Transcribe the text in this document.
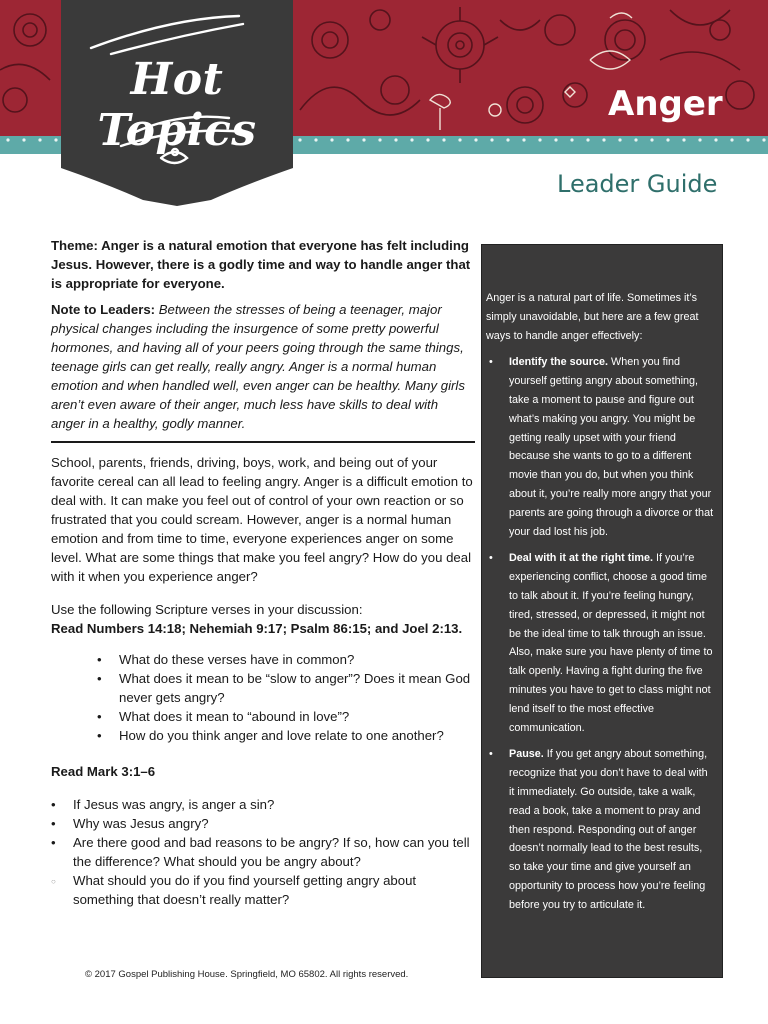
Hot Topics
Anger
Leader Guide

Theme: Anger is a natural emotion that everyone has felt including Jesus. However, there is a godly time and way to handle anger that is appropriate for everyone.

Note to Leaders: Between the stresses of being a teenager, major physical changes including the insurgence of some pretty powerful hormones, and having all of your peers going through the same things, teenage girls can get really, really angry. Anger is a normal human emotion and when handled well, even anger can be healthy. Many girls aren’t even aware of their anger, much less have skills to deal with anger in a healthy, godly manner.

School, parents, friends, driving, boys, work, and being out of your favorite cereal can all lead to feeling angry. Anger is a difficult emotion to deal with. It can make you feel out of control of your own reaction or so frustrated that you could scream. However, anger is a normal human emotion and from time to time, everyone experiences anger on some level. What are some things that make you feel angry? How do you deal with it when you experience anger?

Use the following Scripture verses in your discussion:

Read Numbers 14:18; Nehemiah 9:17; Psalm 86:15; and Joel 2:13.

• What do these verses have in common?
• What does it mean to be “slow to anger”? Does it mean God never gets angry?
• What does it mean to “abound in love”?
• How do you think anger and love relate to one another?

Read Mark 3:1–6

• If Jesus was angry, is anger a sin?
• Why was Jesus angry?
• Are there good and bad reasons to be angry? If so, how can you tell the difference? What should you be angry about?
○ What should you do if you find yourself getting angry about something that doesn’t really matter?
© 2017 Gospel Publishing House. Springfield, MO 65802. All rights reserved.

Anger is a natural part of life. Sometimes it’s simply unavoidable, but here are a few great ways to handle anger effectively:

• Identify the source. When you find yourself getting angry about something, take a moment to pause and figure out what’s making you angry. You might be getting really upset with your friend because she wants to go to a different movie than you do, but when you think about it, you’re really more angry that your parents are going through a divorce or that your dad lost his job.
• Deal with it at the right time. If you’re experiencing conflict, choose a good time to talk about it. If you’re feeling hungry, tired, stressed, or depressed, it might not be the ideal time to talk through an issue. Also, make sure you have plenty of time to talk openly. Having a fight during the five minutes you have to get to class might not lend itself to the most effective communication.
• Pause. If you get angry about something, recognize that you don’t have to deal with it immediately. Go outside, take a walk, read a book, take a moment to pray and then respond. Responding out of anger doesn’t normally lead to the best results, so take your time and give yourself an opportunity to process how you’re feeling before you try to articulate it.
